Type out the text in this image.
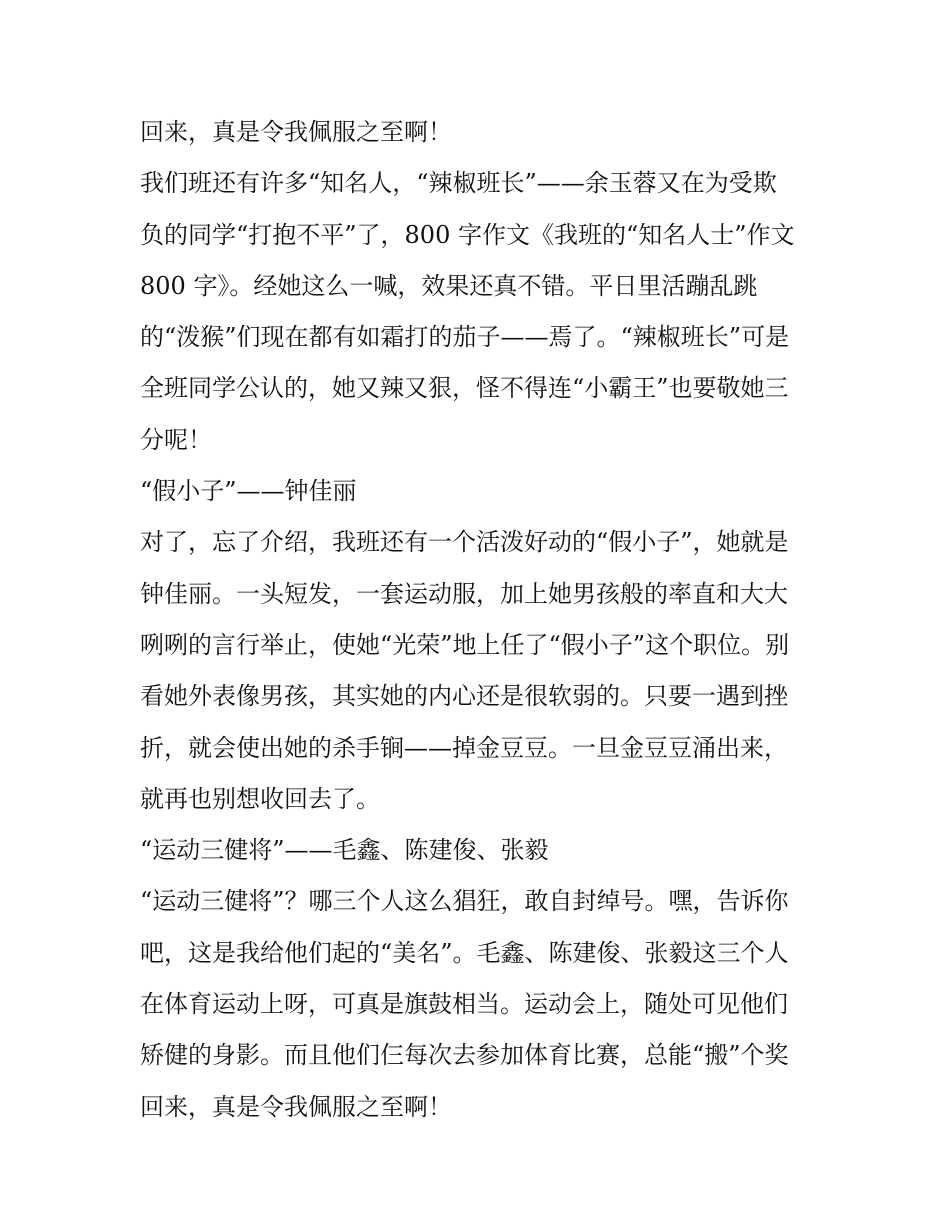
回来，真是令我佩服之至啊！
我们班还有许多“知名人，“辣椒班长”——余玉蓉又在为受欺
负的同学“打抱不平”了，800 字作文《我班的“知名人士”作文
800 字》。经她这么一喊，效果还真不错。平日里活蹦乱跳
的“泼猴”们现在都有如霜打的茄子——焉了。“辣椒班长”可是
全班同学公认的，她又辣又狠，怪不得连“小霸王”也要敬她三
分呢！
“假小子”——钟佳丽
对了，忘了介绍，我班还有一个活泼好动的“假小子”，她就是
钟佳丽。一头短发，一套运动服，加上她男孩般的率直和大大
咧咧的言行举止，使她“光荣”地上任了“假小子”这个职位。别
看她外表像男孩，其实她的内心还是很软弱的。只要一遇到挫
折，就会使出她的杀手锏——掉金豆豆。一旦金豆豆涌出来，
就再也别想收回去了。
“运动三健将”——毛鑫、陈建俊、张毅
“运动三健将”？哪三个人这么猖狂，敢自封绰号。嘿，告诉你
吧，这是我给他们起的“美名”。毛鑫、陈建俊、张毅这三个人
在体育运动上呀，可真是旗鼓相当。运动会上，随处可见他们
矫健的身影。而且他们仨每次去参加体育比赛，总能“搬”个奖
回来，真是令我佩服之至啊！
